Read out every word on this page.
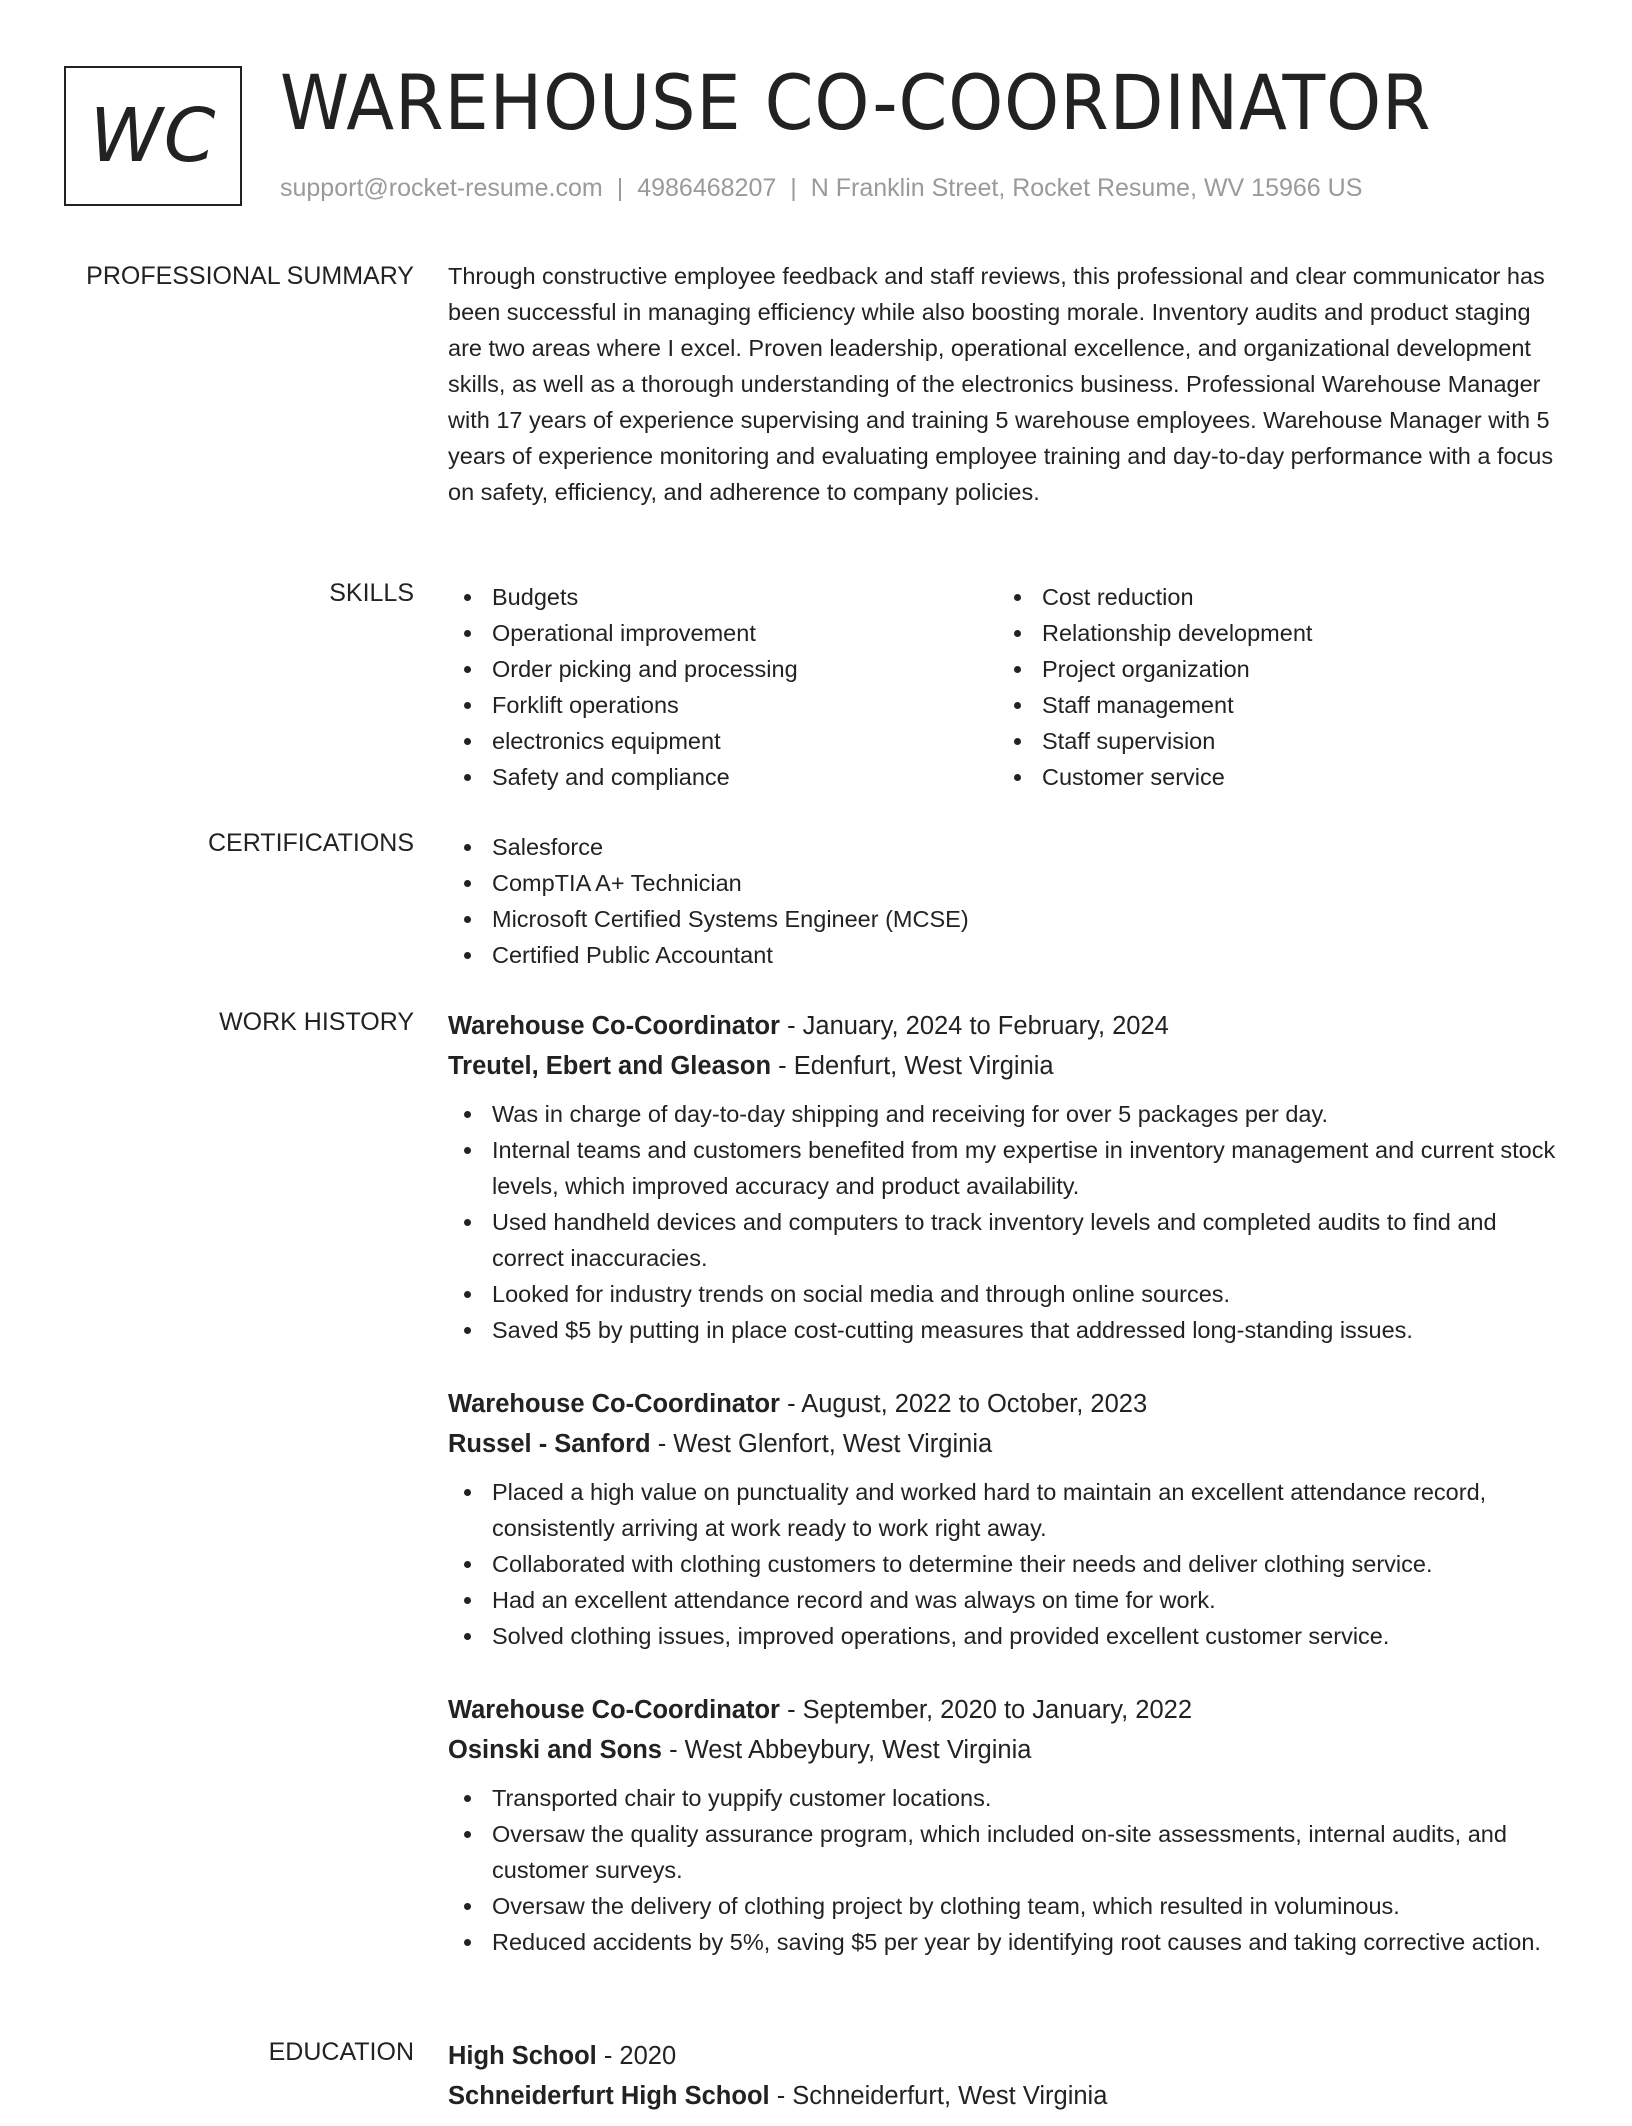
WC WAREHOUSE CO-COORDINATOR
support@rocket-resume.com | 4986468207 | N Franklin Street, Rocket Resume, WV 15966 US
PROFESSIONAL SUMMARY Through constructive employee feedback and staff reviews, this professional and clear communicator has been successful in managing efficiency while also boosting morale. Inventory audits and product staging are two areas where I excel. Proven leadership, operational excellence, and organizational development skills, as well as a thorough understanding of the electronics business. Professional Warehouse Manager with 17 years of experience supervising and training 5 warehouse employees. Warehouse Manager with 5 years of experience monitoring and evaluating employee training and day-to-day performance with a focus on safety, efficiency, and adherence to company policies.

SKILLS	Budgets
Operational improvement
Order picking and processing
Forklift operations
electronics equipment
Safety and compliance
Cost reduction
Relationship development
Project organization
Staff management
Staff supervision
Customer service
CERTIFICATIONS	Salesforce
CompTIA A+ Technician
Microsoft Certified Systems Engineer (MCSE)
Certified Public Accountant
WORK HISTORY Warehouse Co-Coordinator - January, 2024 to February, 2024
Treutel, Ebert and Gleason - Edenfurt, West Virginia
Was in charge of day-to-day shipping and receiving for over 5 packages per day.
Internal teams and customers benefited from my expertise in inventory management and current stock levels, which improved accuracy and product availability.
Used handheld devices and computers to track inventory levels and completed audits to find and correct inaccuracies.
Looked for industry trends on social media and through online sources.
Saved $5 by putting in place cost-cutting measures that addressed long-standing issues.
Warehouse Co-Coordinator - August, 2022 to October, 2023
Russel - Sanford - West Glenfort, West Virginia
Placed a high value on punctuality and worked hard to maintain an excellent attendance record, consistently arriving at work ready to work right away.
Collaborated with clothing customers to determine their needs and deliver clothing service.
Had an excellent attendance record and was always on time for work.
Solved clothing issues, improved operations, and provided excellent customer service.
Warehouse Co-Coordinator - September, 2020 to January, 2022
Osinski and Sons - West Abbeybury, West Virginia
Transported chair to yuppify customer locations.
Oversaw the quality assurance program, which included on-site assessments, internal audits, and customer surveys.
Oversaw the delivery of clothing project by clothing team, which resulted in voluminous.
Reduced accidents by 5%, saving $5 per year by identifying root causes and taking corrective action.
EDUCATION High School - 2020
Schneiderfurt High School - Schneiderfurt, West Virginia
